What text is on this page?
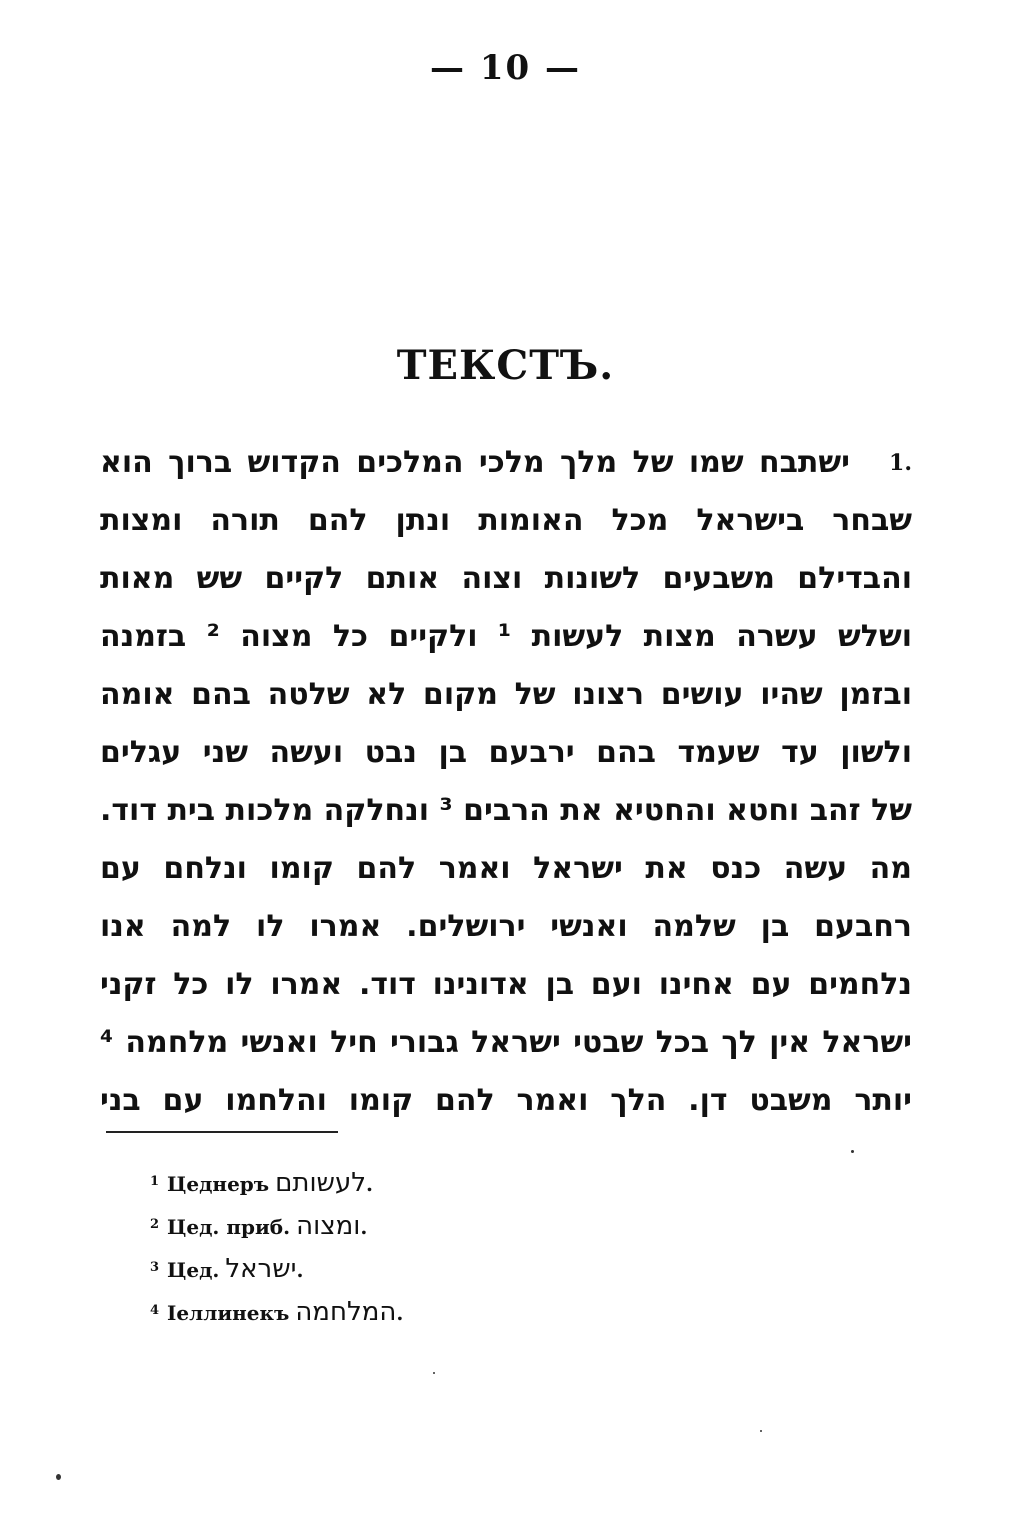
— 10 —
ТЕКСТЪ.
1.
ישתבח שמו של מלך מלכי המלכים הקדוש ברוך הוא
שבחר בישראל מכל האומות ונתן להם תורה ומצות
והבדילם משבעים לשונות וצוה אותם לקיים שש מאות
ושלש עשרה מצות לעשות ¹ ולקיים כל מצוה ² בזמנה
ובזמן שהיו עושים רצונו של מקום לא שלטה בהם אומה
ולשון עד שעמד בהם ירבעם בן נבט ועשה שני עגלים
של זהב וחטא והחטיא את הרבים ³ ונחלקה מלכות בית דוד.
מה עשה כנס את ישראל ואמר להם קומו ונלחם עם
רחבעם בן שלמה ואנשי ירושלים. אמרו לו למה אנו
נלחמים עם אחינו ועם בן אדונינו דוד. אמרו לו כל זקני
ישראל אין לך בכל שבטי ישראל גבורי חיל ואנשי מלחמה ⁴
יותר משבט דן. הלך ואמר להם קומו והלחמו עם בני
$^1$ Цеднеръ לעשותם.
$^2$ Цед. приб. ומצוה.
$^3$ Цед. ישראל.
$^4$ Іеллинекъ המלחמה.
